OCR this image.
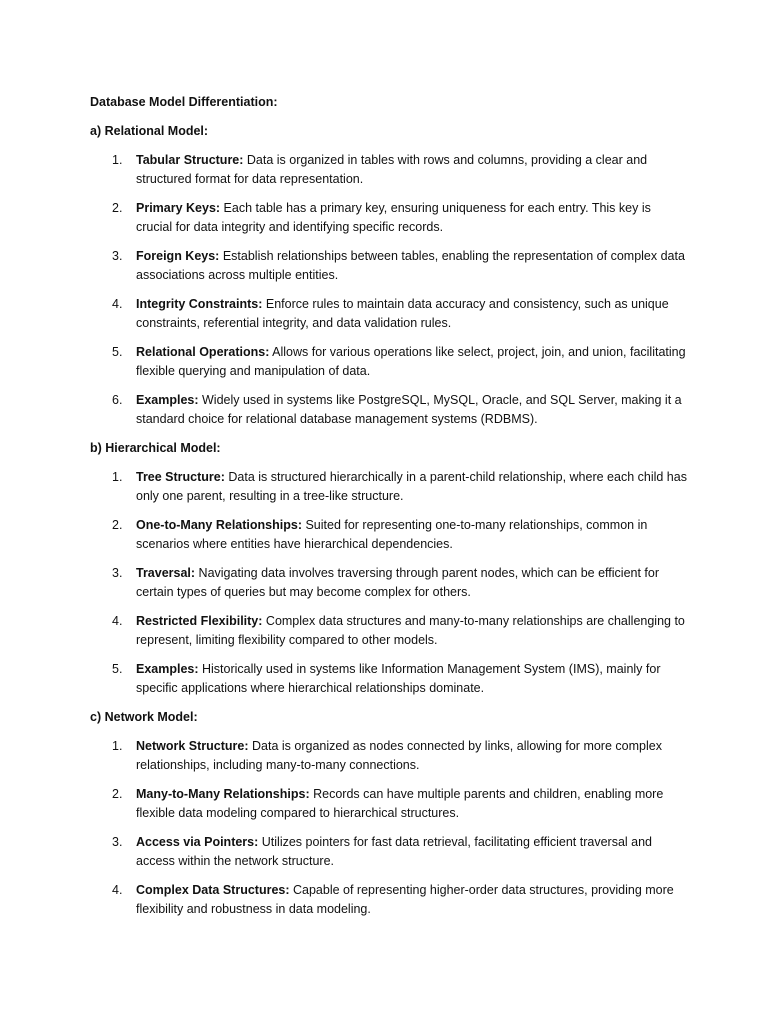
Database Model Differentiation:
a) Relational Model:
1. Tabular Structure: Data is organized in tables with rows and columns, providing a clear and structured format for data representation.
2. Primary Keys: Each table has a primary key, ensuring uniqueness for each entry. This key is crucial for data integrity and identifying specific records.
3. Foreign Keys: Establish relationships between tables, enabling the representation of complex data associations across multiple entities.
4. Integrity Constraints: Enforce rules to maintain data accuracy and consistency, such as unique constraints, referential integrity, and data validation rules.
5. Relational Operations: Allows for various operations like select, project, join, and union, facilitating flexible querying and manipulation of data.
6. Examples: Widely used in systems like PostgreSQL, MySQL, Oracle, and SQL Server, making it a standard choice for relational database management systems (RDBMS).
b) Hierarchical Model:
1. Tree Structure: Data is structured hierarchically in a parent-child relationship, where each child has only one parent, resulting in a tree-like structure.
2. One-to-Many Relationships: Suited for representing one-to-many relationships, common in scenarios where entities have hierarchical dependencies.
3. Traversal: Navigating data involves traversing through parent nodes, which can be efficient for certain types of queries but may become complex for others.
4. Restricted Flexibility: Complex data structures and many-to-many relationships are challenging to represent, limiting flexibility compared to other models.
5. Examples: Historically used in systems like Information Management System (IMS), mainly for specific applications where hierarchical relationships dominate.
c) Network Model:
1. Network Structure: Data is organized as nodes connected by links, allowing for more complex relationships, including many-to-many connections.
2. Many-to-Many Relationships: Records can have multiple parents and children, enabling more flexible data modeling compared to hierarchical structures.
3. Access via Pointers: Utilizes pointers for fast data retrieval, facilitating efficient traversal and access within the network structure.
4. Complex Data Structures: Capable of representing higher-order data structures, providing more flexibility and robustness in data modeling.
